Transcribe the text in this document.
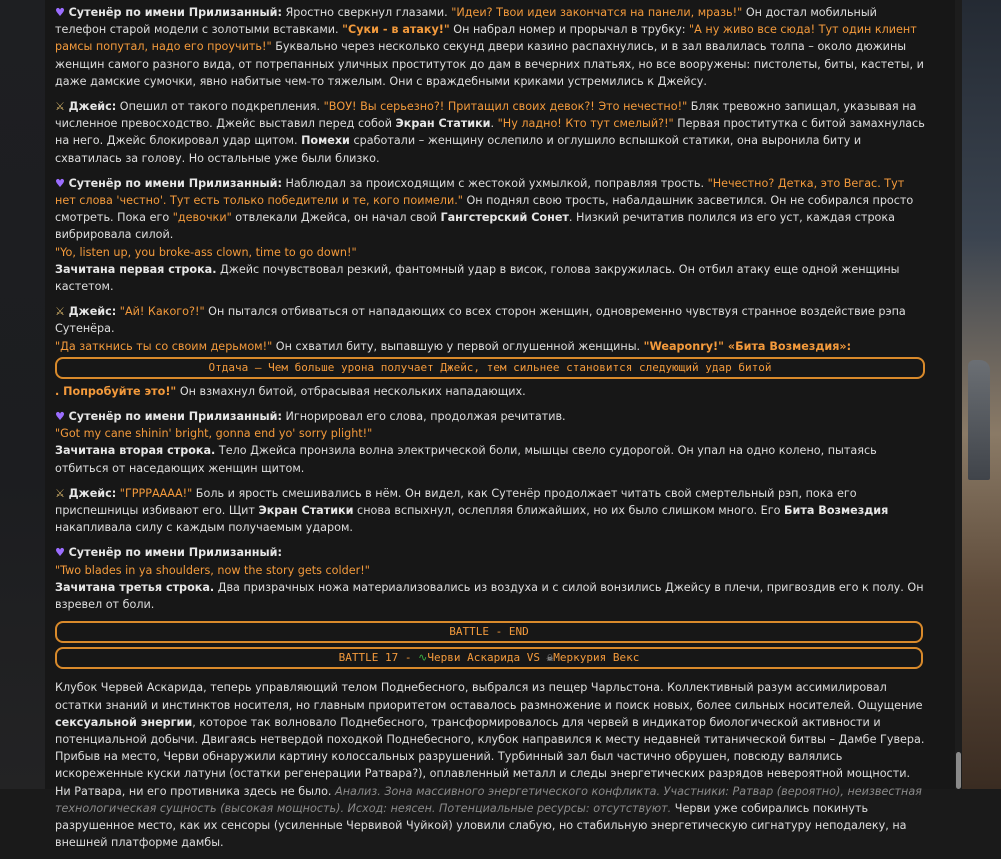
♥ Сутенёр по имени Прилизанный: Яростно сверкнул глазами. "Идеи? Твои идеи закончатся на панели, мразь!" Он достал мобильный телефон старой модели с золотыми вставками. "Суки - в атаку!" Он набрал номер и прорычал в трубку: "А ну живо все сюда! Тут один клиент рамсы попутал, надо его проучить!" Буквально через несколько секунд двери казино распахнулись, и в зал ввалилась толпа – около дюжины женщин самого разного вида, от потрепанных уличных проституток до дам в вечерних платьях, но все вооружены: пистолеты, биты, кастеты, и даже дамские сумочки, явно набитые чем-то тяжелым. Они с враждебными криками устремились к Джейсу.

⚔ Джейс: Опешил от такого подкрепления. "ВОУ! Вы серьезно?! Притащил своих девок?! Это нечестно!" Бляк тревожно запищал, указывая на численное превосходство. Джейс выставил перед собой Экран Статики. "Ну ладно! Кто тут смелый?!" Первая проститутка с битой замахнулась на него. Джейс блокировал удар щитом. Помехи сработали – женщину ослепило и оглушило вспышкой статики, она выронила биту и схватилась за голову. Но остальные уже были близко.

♥ Сутенёр по имени Прилизанный: Наблюдал за происходящим с жестокой ухмылкой, поправляя трость. "Нечестно? Детка, это Вегас. Тут нет слова 'честно'. Тут есть только победители и те, кого поимели." Он поднял свою трость, набалдашник засветился. Он не собирался просто смотреть. Пока его "девочки" отвлекали Джейса, он начал свой Гангстерский Сонет. Низкий речитатив полился из его уст, каждая строка вибрировала силой.
"Yo, listen up, you broke-ass clown, time to go down!"
Зачитана первая строка. Джейс почувствовал резкий, фантомный удар в висок, голова закружилась. Он отбил атаку еще одной женщины кастетом.

⚔ Джейс: "Ай! Какого?!" Он пытался отбиваться от нападающих со всех сторон женщин, одновременно чувствуя странное воздействие рэпа Сутенёра.
"Да заткнись ты со своим дерьмом!" Он схватил биту, выпавшую у первой оглушенной женщины. "Weaponry!" «Бита Возмездия»:

Отдача – Чем больше урона получает Джейс, тем сильнее становится следующий удар битой

. Попробуйте это!" Он взмахнул битой, отбрасывая нескольких нападающих.

♥ Сутенёр по имени Прилизанный: Игнорировал его слова, продолжая речитатив.
"Got my cane shinin' bright, gonna end yo' sorry plight!"
Зачитана вторая строка. Тело Джейса пронзила волна электрической боли, мышцы свело судорогой. Он упал на одно колено, пытаясь отбиться от наседающих женщин щитом.

⚔ Джейс: "ГРРРАААА!" Боль и ярость смешивались в нём. Он видел, как Сутенёр продолжает читать свой смертельный рэп, пока его приспешницы избивают его. Щит Экран Статики снова вспыхнул, ослепляя ближайших, но их было слишком много. Его Бита Возмездия накапливала силу с каждым получаемым ударом.

♥ Сутенёр по имени Прилизанный:
"Two blades in ya shoulders, now the story gets colder!"
Зачитана третья строка. Два призрачных ножа материализовались из воздуха и с силой вонзились Джейсу в плечи, пригвоздив его к полу. Он взревел от боли.

BATTLE - END
BATTLE 17 - ∿Черви Аскарида VS ☠Меркурия Векс

Клубок Червей Аскарида, теперь управляющий телом Поднебесного, выбрался из пещер Чарльстона. Коллективный разум ассимилировал остатки знаний и инстинктов носителя, но главным приоритетом оставалось размножение и поиск новых, более сильных носителей. Ощущение сексуальной энергии, которое так волновало Поднебесного, трансформировалось для червей в индикатор биологической активности и потенциальной добычи. Двигаясь нетвердой походкой Поднебесного, клубок направился к месту недавней титанической битвы – Дамбе Гувера.
Прибыв на место, Черви обнаружили картину колоссальных разрушений. Турбинный зал был частично обрушен, повсюду валялись искореженные куски латуни (остатки регенерации Ратвара?), оплавленный металл и следы энергетических разрядов невероятной мощности. Ни Ратвара, ни его противника здесь не было. Анализ. Зона массивного энергетического конфликта. Участники: Ратвар (вероятно), неизвестная технологическая сущность (высокая мощность). Исход: неясен. Потенциальные ресурсы: отсутствуют. Черви уже собирались покинуть разрушенное место, как их сенсоры (усиленные Червивой Чуйкой) уловили слабую, но стабильную энергетическую сигнатуру неподалеку, на внешней платформе дамбы.
